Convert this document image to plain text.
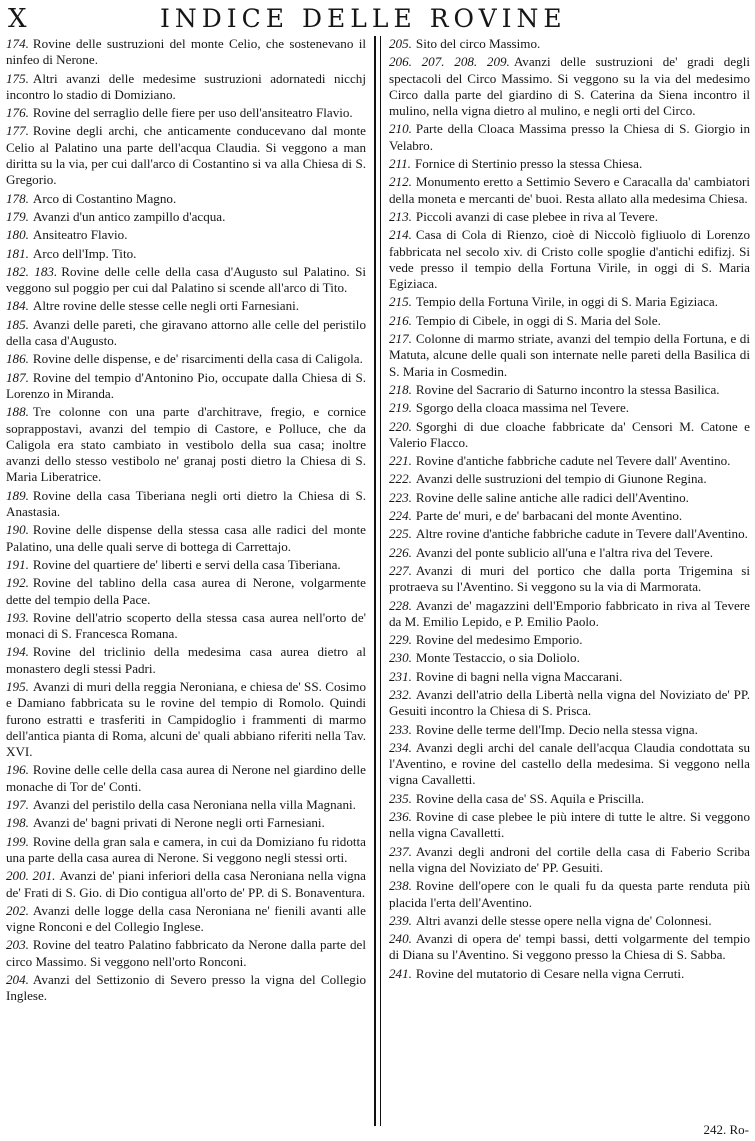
X	INDICE DELLE ROVINE

174. Rovine delle sustruzioni del monte Celio, che sostenevano il ninfeo di Nerone.

175. Altri avanzi delle medesime sustruzioni adornatedi nicchj incontro lo stadio di Domiziano.

176. Rovine del serraglio delle fiere per uso dell'ansiteatro Flavio.

177. Rovine degli archi, che anticamente conducevano dal monte Celio al Palatino una parte dell'acqua Claudia. Si veggono a man diritta su la via, per cui dall'arco di Costantino si va alla Chiesa di S. Gregorio.

178. Arco di Costantino Magno.

179. Avanzi d'un antico zampillo d'acqua.

180. Ansiteatro Flavio.

181. Arco dell'Imp. Tito.

182. 183. Rovine delle celle della casa d'Augusto sul Palatino. Si veggono sul poggio per cui dal Palatino si scende all'arco di Tito.

184. Altre rovine delle stesse celle negli orti Farnesiani.

185. Avanzi delle pareti, che giravano attorno alle celle del peristilo della casa d'Augusto.

186. Rovine delle dispense, e de' risarcimenti della casa di Caligola.

187. Rovine del tempio d'Antonino Pio, occupate dalla Chiesa di S. Lorenzo in Miranda.

188. Tre colonne con una parte d'architrave, fregio, e cornice soprappostavi, avanzi del tempio di Castore, e Polluce, che da Caligola era stato cambiato in vestibolo della sua casa; inoltre avanzi dello stesso vestibolo ne' granaj posti dietro la Chiesa di S. Maria Liberatrice.

189. Rovine della casa Tiberiana negli orti dietro la Chiesa di S. Anastasia.

190. Rovine delle dispense della stessa casa alle radici del monte Palatino, una delle quali serve di bottega di Carrettajo.

191. Rovine del quartiere de' liberti e servi della casa Tiberiana.

192. Rovine del tablino della casa aurea di Nerone, volgarmente dette del tempio della Pace.

193. Rovine dell'atrio scoperto della stessa casa aurea nell'orto de' monaci di S. Francesca Romana.

194. Rovine del triclinio della medesima casa aurea dietro al monastero degli stessi Padri.

195. Avanzi di muri della reggia Neroniana, e chiesa de' SS. Cosimo e Damiano fabbricata su le rovine del tempio di Romolo. Quindi furono estratti e trasferiti in Campidoglio i frammenti di marmo dell'antica pianta di Roma, alcuni de' quali abbiano riferiti nella Tav. XVI.

196. Rovine delle celle della casa aurea di Nerone nel giardino delle monache di Tor de' Conti.

197. Avanzi del peristilo della casa Neroniana nella villa Magnani.

198. Avanzi de' bagni privati di Nerone negli orti Farnesiani.

199. Rovine della gran sala e camera, in cui da Domiziano fu ridotta una parte della casa aurea di Nerone. Si veggono negli stessi orti.

200. 201. Avanzi de' piani inferiori della casa Neroniana nella vigna de' Frati di S. Gio. di Dio contigua all'orto de' PP. di S. Bonaventura.

202. Avanzi delle logge della casa Neroniana ne' fienili avanti alle vigne Ronconi e del Collegio Inglese.

203. Rovine del teatro Palatino fabbricato da Nerone dalla parte del circo Massimo. Si veggono nell'orto Ronconi.

204. Avanzi del Settizonio di Severo presso la vigna del Collegio Inglese.

205. Sito del circo Massimo.

206. 207. 208. 209. Avanzi delle sustruzioni de' gradi degli spectacoli del Circo Massimo. Si veggono su la via del medesimo Circo dalla parte del giardino di S. Caterina da Siena incontro il mulino, nella vigna dietro al mulino, e negli orti del Circo.

210. Parte della Cloaca Massima presso la Chiesa di S. Giorgio in Velabro.

211. Fornice di Stertinio presso la stessa Chiesa.

212. Monumento eretto a Settimio Severo e Caracalla da' cambiatori della moneta e mercanti de' buoi. Resta allato alla medesima Chiesa.

213. Piccoli avanzi di case plebee in riva al Tevere.

214. Casa di Cola di Rienzo, cioè di Niccolò figliuolo di Lorenzo fabbricata nel secolo xiv. di Cristo colle spoglie d'antichi edifizj. Si vede presso il tempio della Fortuna Virile, in oggi di S. Maria Egiziaca.

215. Tempio della Fortuna Virile, in oggi di S. Maria Egiziaca.

216. Tempio di Cibele, in oggi di S. Maria del Sole.

217. Colonne di marmo striate, avanzi del tempio della Fortuna, e di Matuta, alcune delle quali son internate nelle pareti della Basilica di S. Maria in Cosmedin.

218. Rovine del Sacrario di Saturno incontro la stessa Basilica.

219. Sgorgo della cloaca massima nel Tevere.

220. Sgorghi di due cloache fabbricate da' Censori M. Catone e Valerio Flacco.

221. Rovine d'antiche fabbriche cadute nel Tevere dall' Aventino.

222. Avanzi delle sustruzioni del tempio di Giunone Regina.

223. Rovine delle saline antiche alle radici dell'Aventino.

224. Parte de' muri, e de' barbacani del monte Aventino.

225. Altre rovine d'antiche fabbriche cadute in Tevere dall'Aventino.

226. Avanzi del ponte sublicio all'una e l'altra riva del Tevere.

227. Avanzi di muri del portico che dalla porta Trigemina si protraeva su l'Aventino. Si veggono su la via di Marmorata.

228. Avanzi de' magazzini dell'Emporio fabbricato in riva al Tevere da M. Emilio Lepido, e P. Emilio Paolo.

229. Rovine del medesimo Emporio.

230. Monte Testaccio, o sia Doliolo.

231. Rovine di bagni nella vigna Maccarani.

232. Avanzi dell'atrio della Libertà nella vigna del Noviziato de' PP. Gesuiti incontro la Chiesa di S. Prisca.

233. Rovine delle terme dell'Imp. Decio nella stessa vigna.

234. Avanzi degli archi del canale dell'acqua Claudia condottata su l'Aventino, e rovine del castello della medesima. Si veggono nella vigna Cavalletti.

235. Rovine della casa de' SS. Aquila e Priscilla.

236. Rovine di case plebee le più intere di tutte le altre. Si veggono nella vigna Cavalletti.

237. Avanzi degli androni del cortile della casa di Faberio Scriba nella vigna del Noviziato de' PP. Gesuiti.

238. Rovine dell'opere con le quali fu da questa parte renduta più placida l'erta dell'Aventino.

239. Altri avanzi delle stesse opere nella vigna de' Colonnesi.

240. Avanzi di opera de' tempi bassi, detti volgarmente del tempio di Diana su l'Aventino. Si veggono presso la Chiesa di S. Sabba.

241. Rovine del mutatorio di Cesare nella vigna Cerruti.

242. Ro-
